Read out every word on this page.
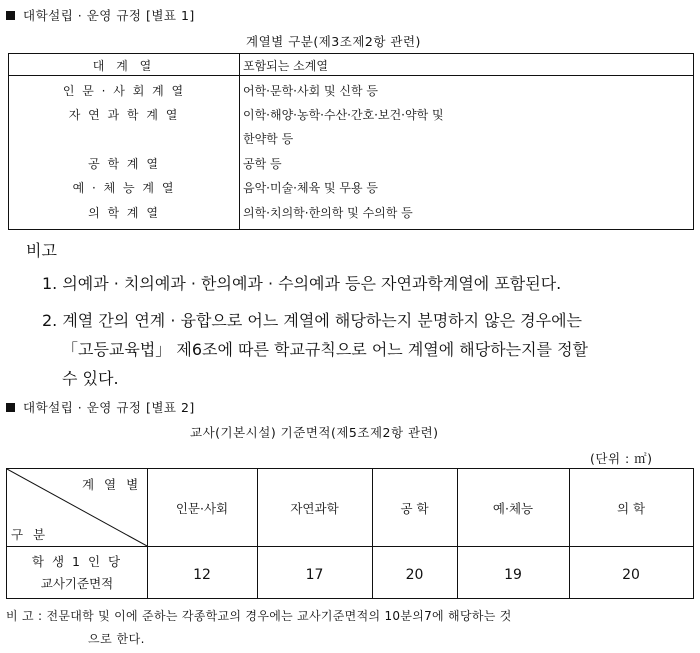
대학설립 · 운영 규정 [별표 1]
계열별 구분(제3조제2항 관련)
대 계 열	포함되는 소계열
인 문 · 사 회 계 열	어학·문학·사회 및 신학 등
자 연 과 학 계 열	이학·해양·농학·수산·간호·보건·약학 및
한약학 등
공 학 계 열	공학 등
예 · 체 능 계 열	음악·미술·체육 및 무용 등
의 학 계 열	의학·치의학·한의학 및 수의학 등
비고
1. 의예과 · 치의예과 · 한의예과 · 수의예과 등은 자연과학계열에 포함된다.
2. 계열 간의 연계 · 융합으로 어느 계열에 해당하는지 분명하지 않은 경우에는
「고등교육법」 제6조에 따른 학교규칙으로 어느 계열에 해당하는지를 정할
수 있다.
대학설립 · 운영 규정 [별표 2]
교사(기본시설) 기준면적(제5조제2항 관련)
(단위 : ㎡)
계 열 별
구 분
인문·사회	자연과학	공 학	예·체능	의 학
학 생 1 인 당
교사기준면적
12	17	20	19	20
비 고 : 전문대학 및 이에 준하는 각종학교의 경우에는 교사기준면적의 10분의7에 해당하는 것
으로 한다.
